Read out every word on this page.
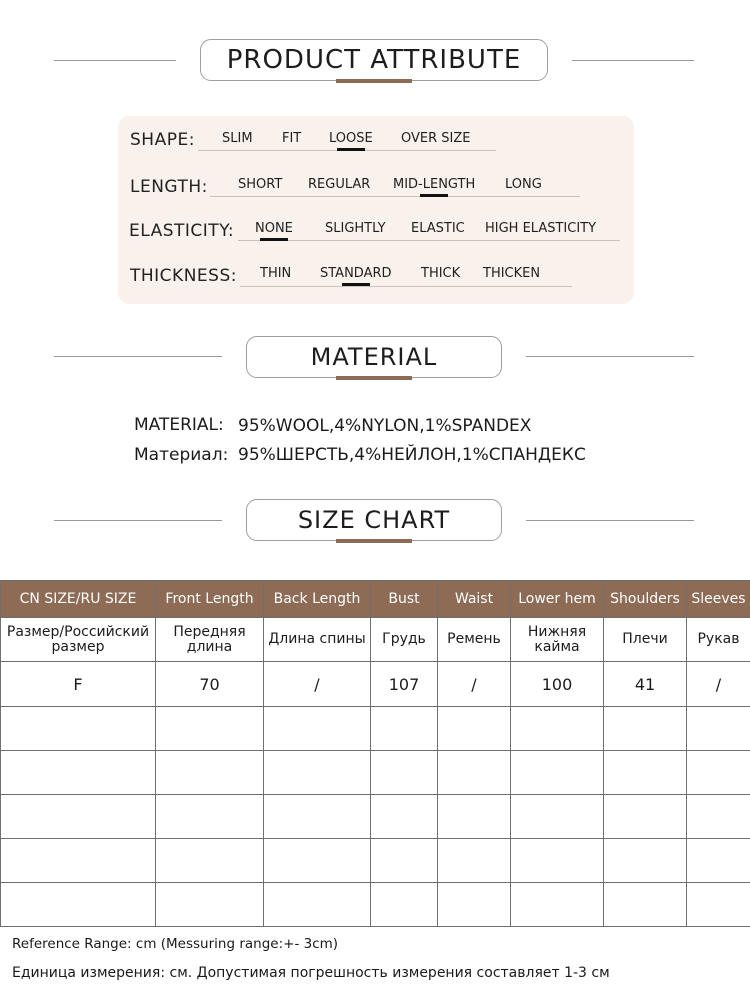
PRODUCT ATTRIBUTE
SHAPE: SLIM FIT LOOSE OVER SIZE
LENGTH: SHORT REGULAR MID-LENGTH LONG
ELASTICITY: NONE SLIGHTLY ELASTIC HIGH ELASTICITY
THICKNESS: THIN STANDARD THICK THICKEN
MATERIAL
MATERIAL: 95%WOOL,4%NYLON,1%SPANDEX
Материал: 95%ШЕРСТЬ,4%НЕЙЛОН,1%СПАНДЕКС
SIZE CHART
CN SIZE/RU SIZE	Front Length	Back Length	Bust	Waist	Lower hem	Shoulders	Sleeves
Размер/Российский размер	Передняя длина	Длина спины	Грудь	Ремень	Нижняя кайма	Плечи	Рукав
F	70	/	107	/	100	41	/

Reference Range: cm (Messuring range:+- 3cm)
Единица измерения: см. Допустимая погрешность измерения составляет 1-3 см
